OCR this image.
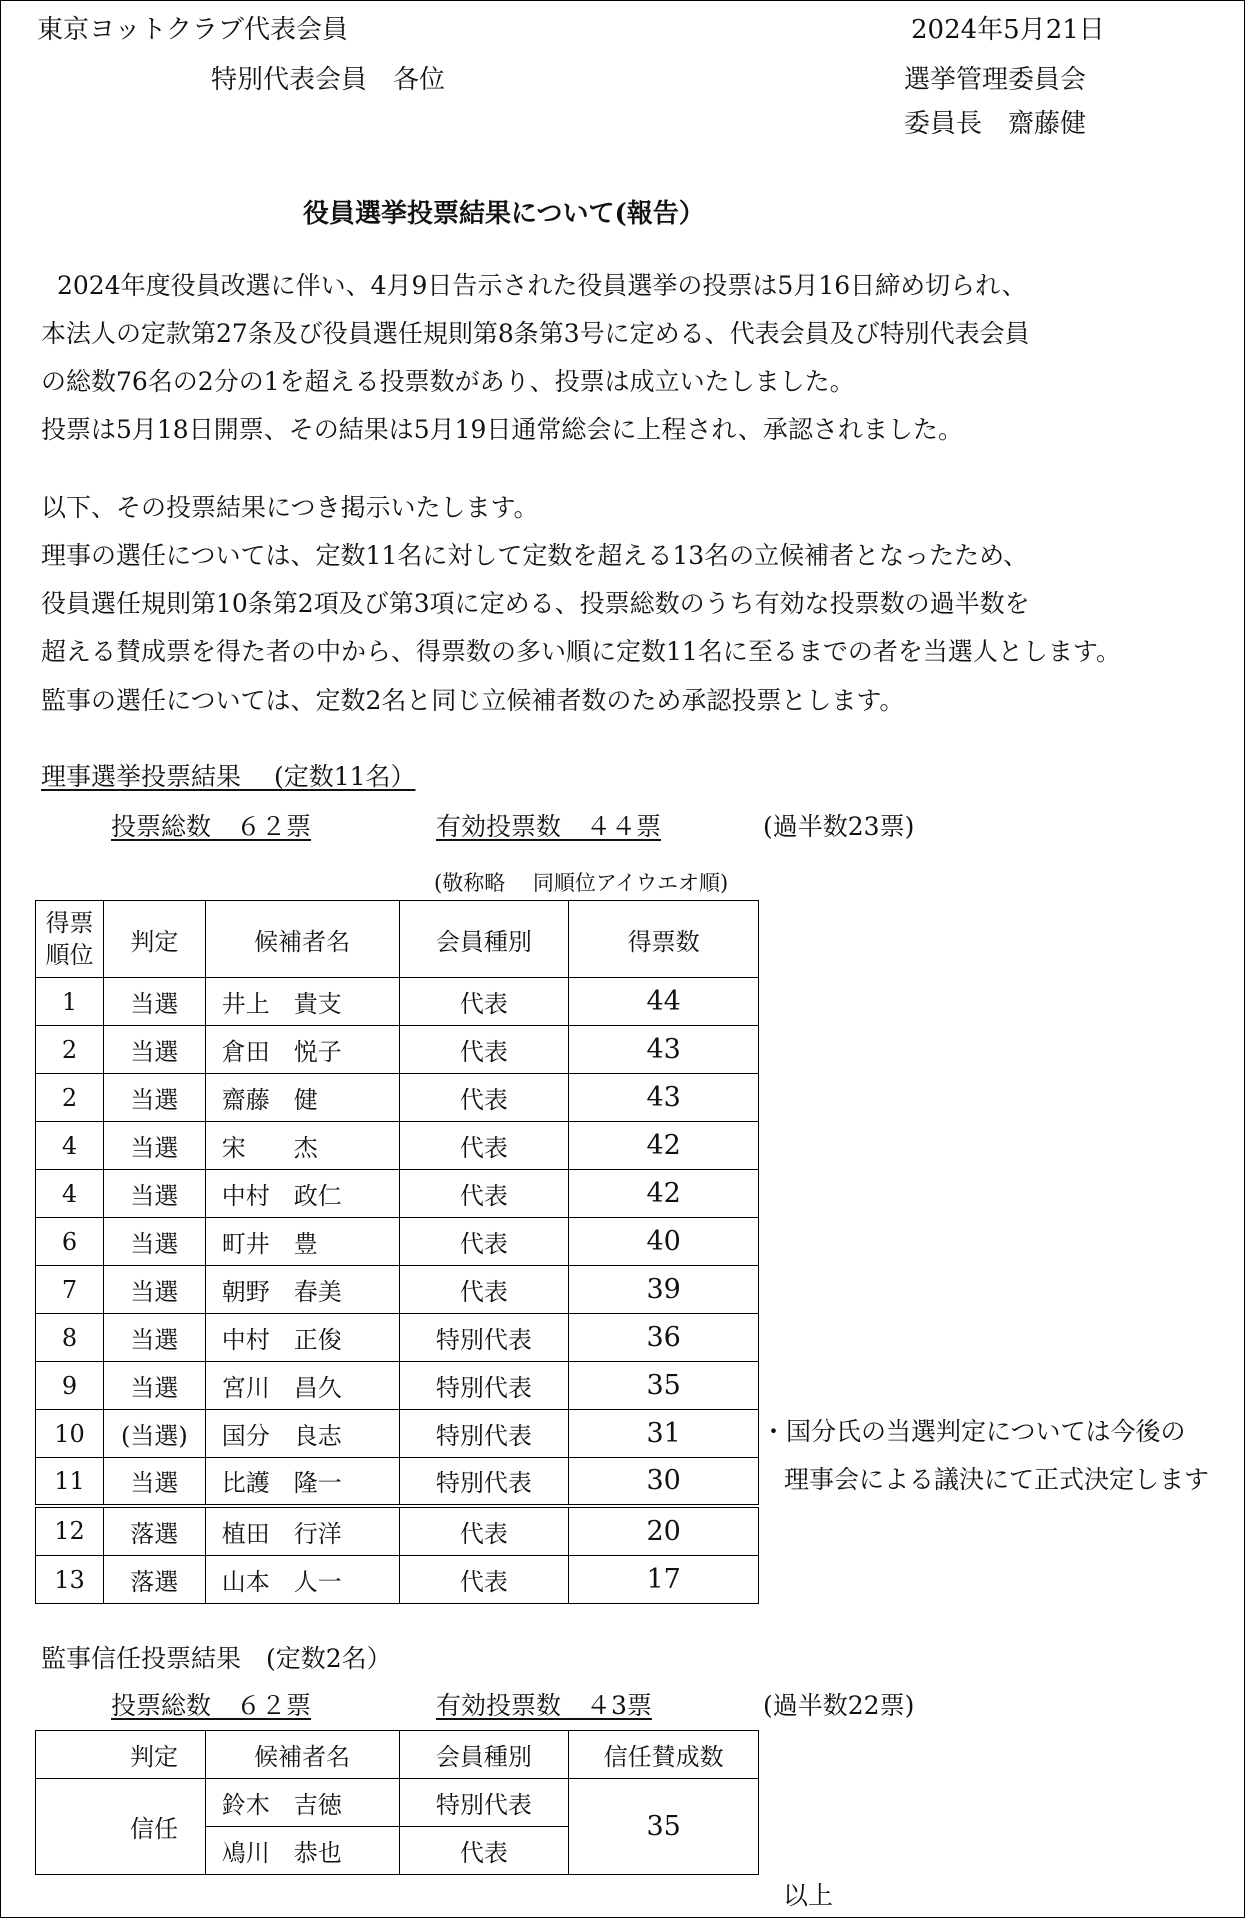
東京ヨットクラブ代表会員
特別代表会員　各位
2024年5月21日
選挙管理委員会
委員長　齋藤健
役員選挙投票結果について(報告）
2024年度役員改選に伴い、4月9日告示された役員選挙の投票は5月16日締め切られ、
本法人の定款第27条及び役員選任規則第8条第3号に定める、代表会員及び特別代表会員
の総数76名の2分の1を超える投票数があり、投票は成立いたしました。
投票は5月18日開票、その結果は5月19日通常総会に上程され、承認されました。
以下、その投票結果につき掲示いたします。
理事の選任については、定数11名に対して定数を超える13名の立候補者となったため、
役員選任規則第10条第2項及び第3項に定める、投票総数のうち有効な投票数の過半数を
超える賛成票を得た者の中から、得票数の多い順に定数11名に至るまでの者を当選人とします。
監事の選任については、定数2名と同じ立候補者数のため承認投票とします。
理事選挙投票結果　 (定数11名）
投票総数　６２票	有効投票数　４４票	(過半数23票)
(敬称略　 同順位アイウエオ順)
得票
順位	判定	候補者名	会員種別	得票数
1	当選	井上　貴支	代表	44
2	当選	倉田　悦子	代表	43
2	当選	齋藤　健	代表	43
4	当選	宋　　杰	代表	42
4	当選	中村　政仁	代表	42
6	当選	町井　豊	代表	40
7	当選	朝野　春美	代表	39
8	当選	中村　正俊	特別代表	36
9	当選	宮川　昌久	特別代表	35
10	(当選)	国分　良志	特別代表	31
11	当選	比護　隆一	特別代表	30
12	落選	植田　行洋	代表	20
13	落選	山本　人一	代表	17
・国分氏の当選判定については今後の
理事会による議決にて正式決定します
監事信任投票結果　(定数2名）
投票総数　６２票	有効投票数　４3票	(過半数22票)
	判定	候補者名	会員種別	信任賛成数
	信任	鈴木　吉徳	特別代表	35
		鳰川　恭也	代表	
以上
